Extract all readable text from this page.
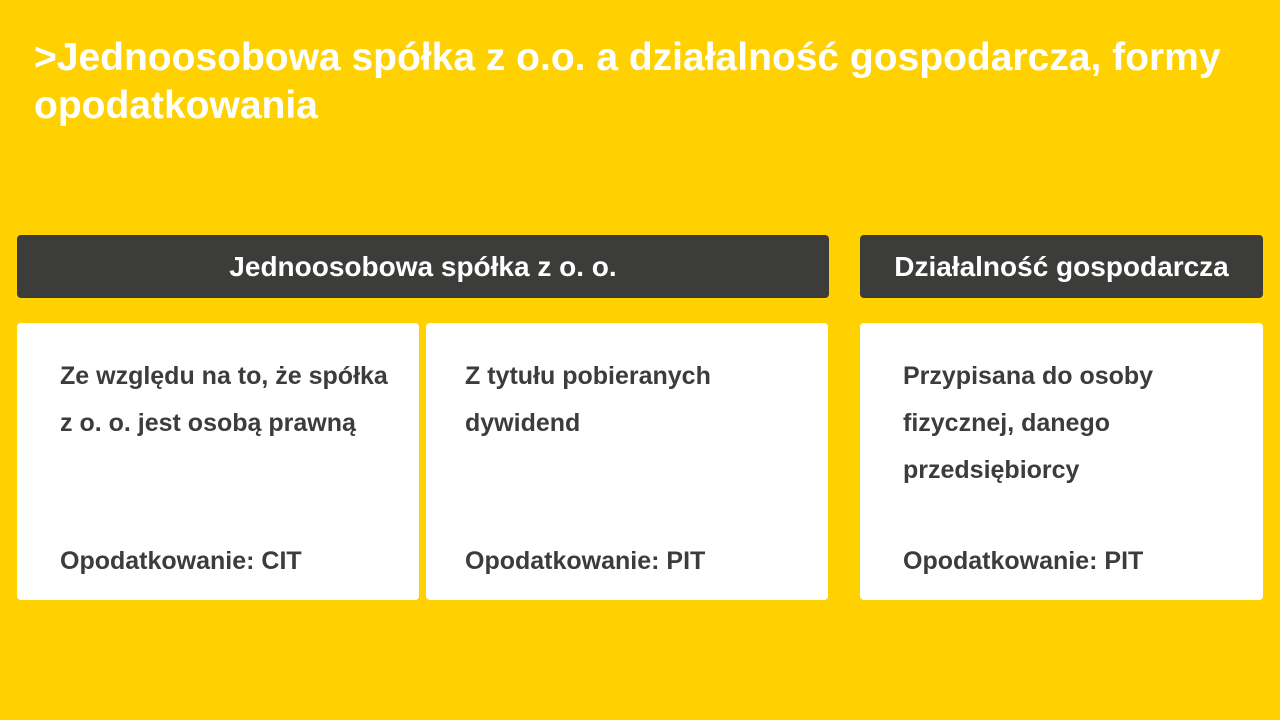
>Jednoosobowa spółka z o.o. a działalność gospodarcza, formy opodatkowania
Jednoosobowa spółka z o. o.	Działalność gospodarcza

Ze względu na to, że spółka z o. o. jest osobą prawną

Opodatkowanie: CIT

Z tytułu pobieranych dywidend

Opodatkowanie: PIT

Przypisana do osoby fizycznej, danego przedsiębiorcy

Opodatkowanie: PIT
